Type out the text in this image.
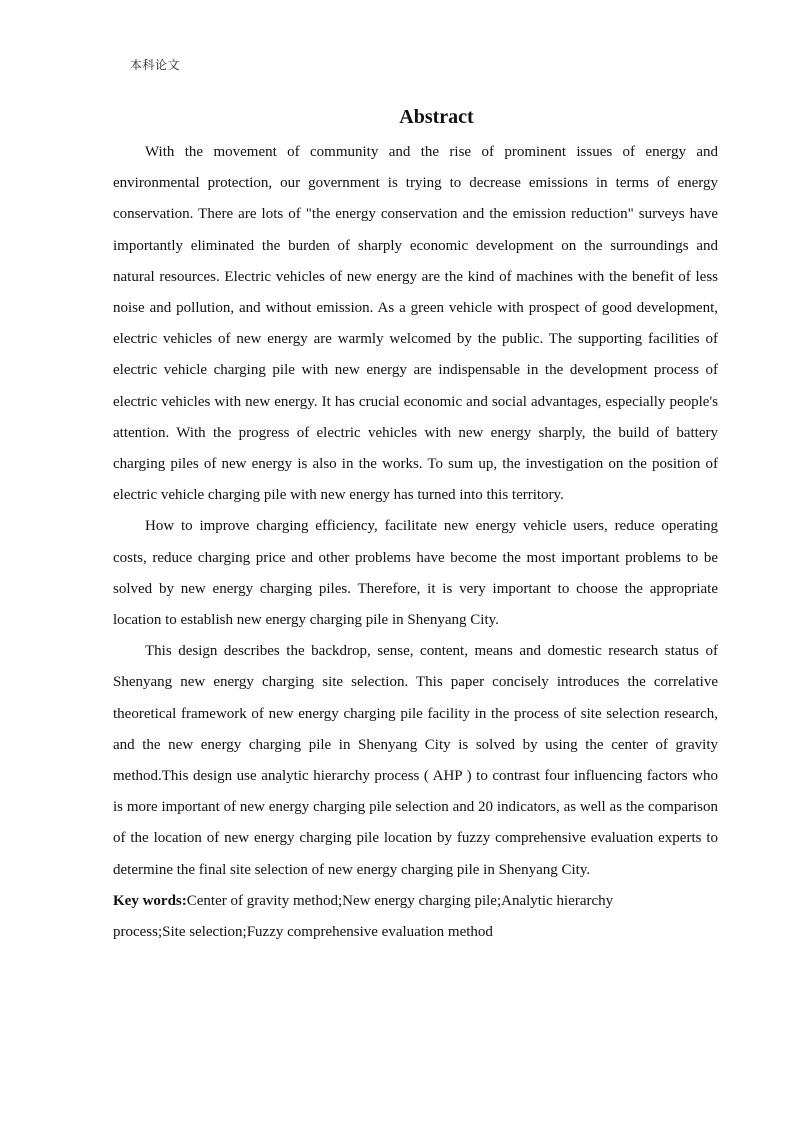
本科论文
Abstract

With the movement of community and the rise of prominent issues of energy and environmental protection, our government is trying to decrease emissions in terms of energy conservation. There are lots of "the energy conservation and the emission reduction" surveys have importantly eliminated the burden of sharply economic development on the surroundings and natural resources. Electric vehicles of new energy are the kind of machines with the benefit of less noise and pollution, and without emission. As a green vehicle with prospect of good development, electric vehicles of new energy are warmly welcomed by the public. The supporting facilities of electric vehicle charging pile with new energy are indispensable in the development process of electric vehicles with new energy. It has crucial economic and social advantages, especially people's attention. With the progress of electric vehicles with new energy sharply, the build of battery charging piles of new energy is also in the works. To sum up, the investigation on the position of electric vehicle charging pile with new energy has turned into this territory.

How to improve charging efficiency, facilitate new energy vehicle users, reduce operating costs, reduce charging price and other problems have become the most important problems to be solved by new energy charging piles. Therefore, it is very important to choose the appropriate location to establish new energy charging pile in Shenyang City.

This design describes the backdrop, sense, content, means and domestic research status of Shenyang new energy charging site selection. This paper concisely introduces the correlative theoretical framework of new energy charging pile facility in the process of site selection research, and the new energy charging pile in Shenyang City is solved by using the center of gravity method.This design use analytic hierarchy process ( AHP ) to contrast four influencing factors who is more important of new energy charging pile selection and 20 indicators, as well as the comparison of the location of new energy charging pile location by fuzzy comprehensive evaluation experts to determine the final site selection of new energy charging pile in Shenyang City.

Key words:Center of gravity method;New energy charging pile;Analytic hierarchy
process;Site selection;Fuzzy comprehensive evaluation method
